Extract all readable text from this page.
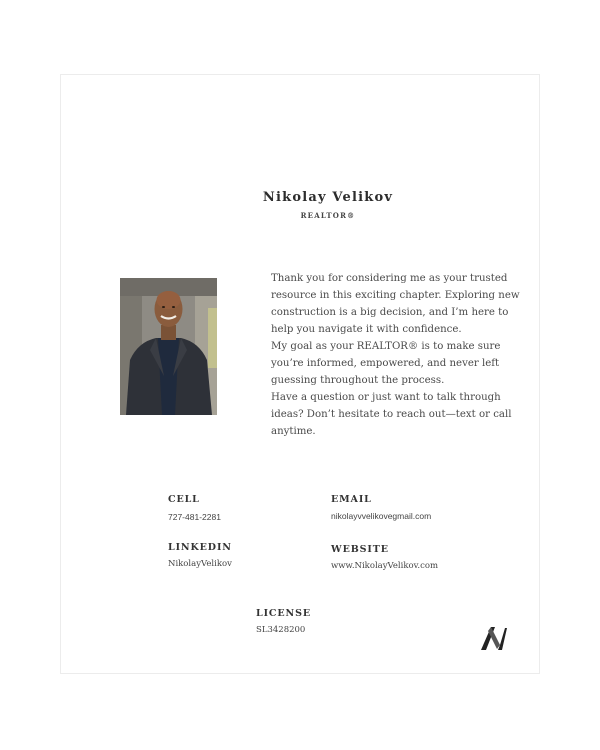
Nikolay Velikov
REALTOR®

Thank you for considering me as your trusted resource in this exciting chapter. Exploring new construction is a big decision, and I’m here to help you navigate it with confidence.

My goal as your REALTOR® is to make sure you’re informed, empowered, and never left guessing throughout the process.

Have a question or just want to talk through ideas? Don’t hesitate to reach out—text or call anytime.

CELL
727-481-2281
EMAIL
nikolayvvelikovegmail.com
LINKEDIN
NikolayVelikov
WEBSITE
www.NikolayVelikov.com
LICENSE
SL3428200
